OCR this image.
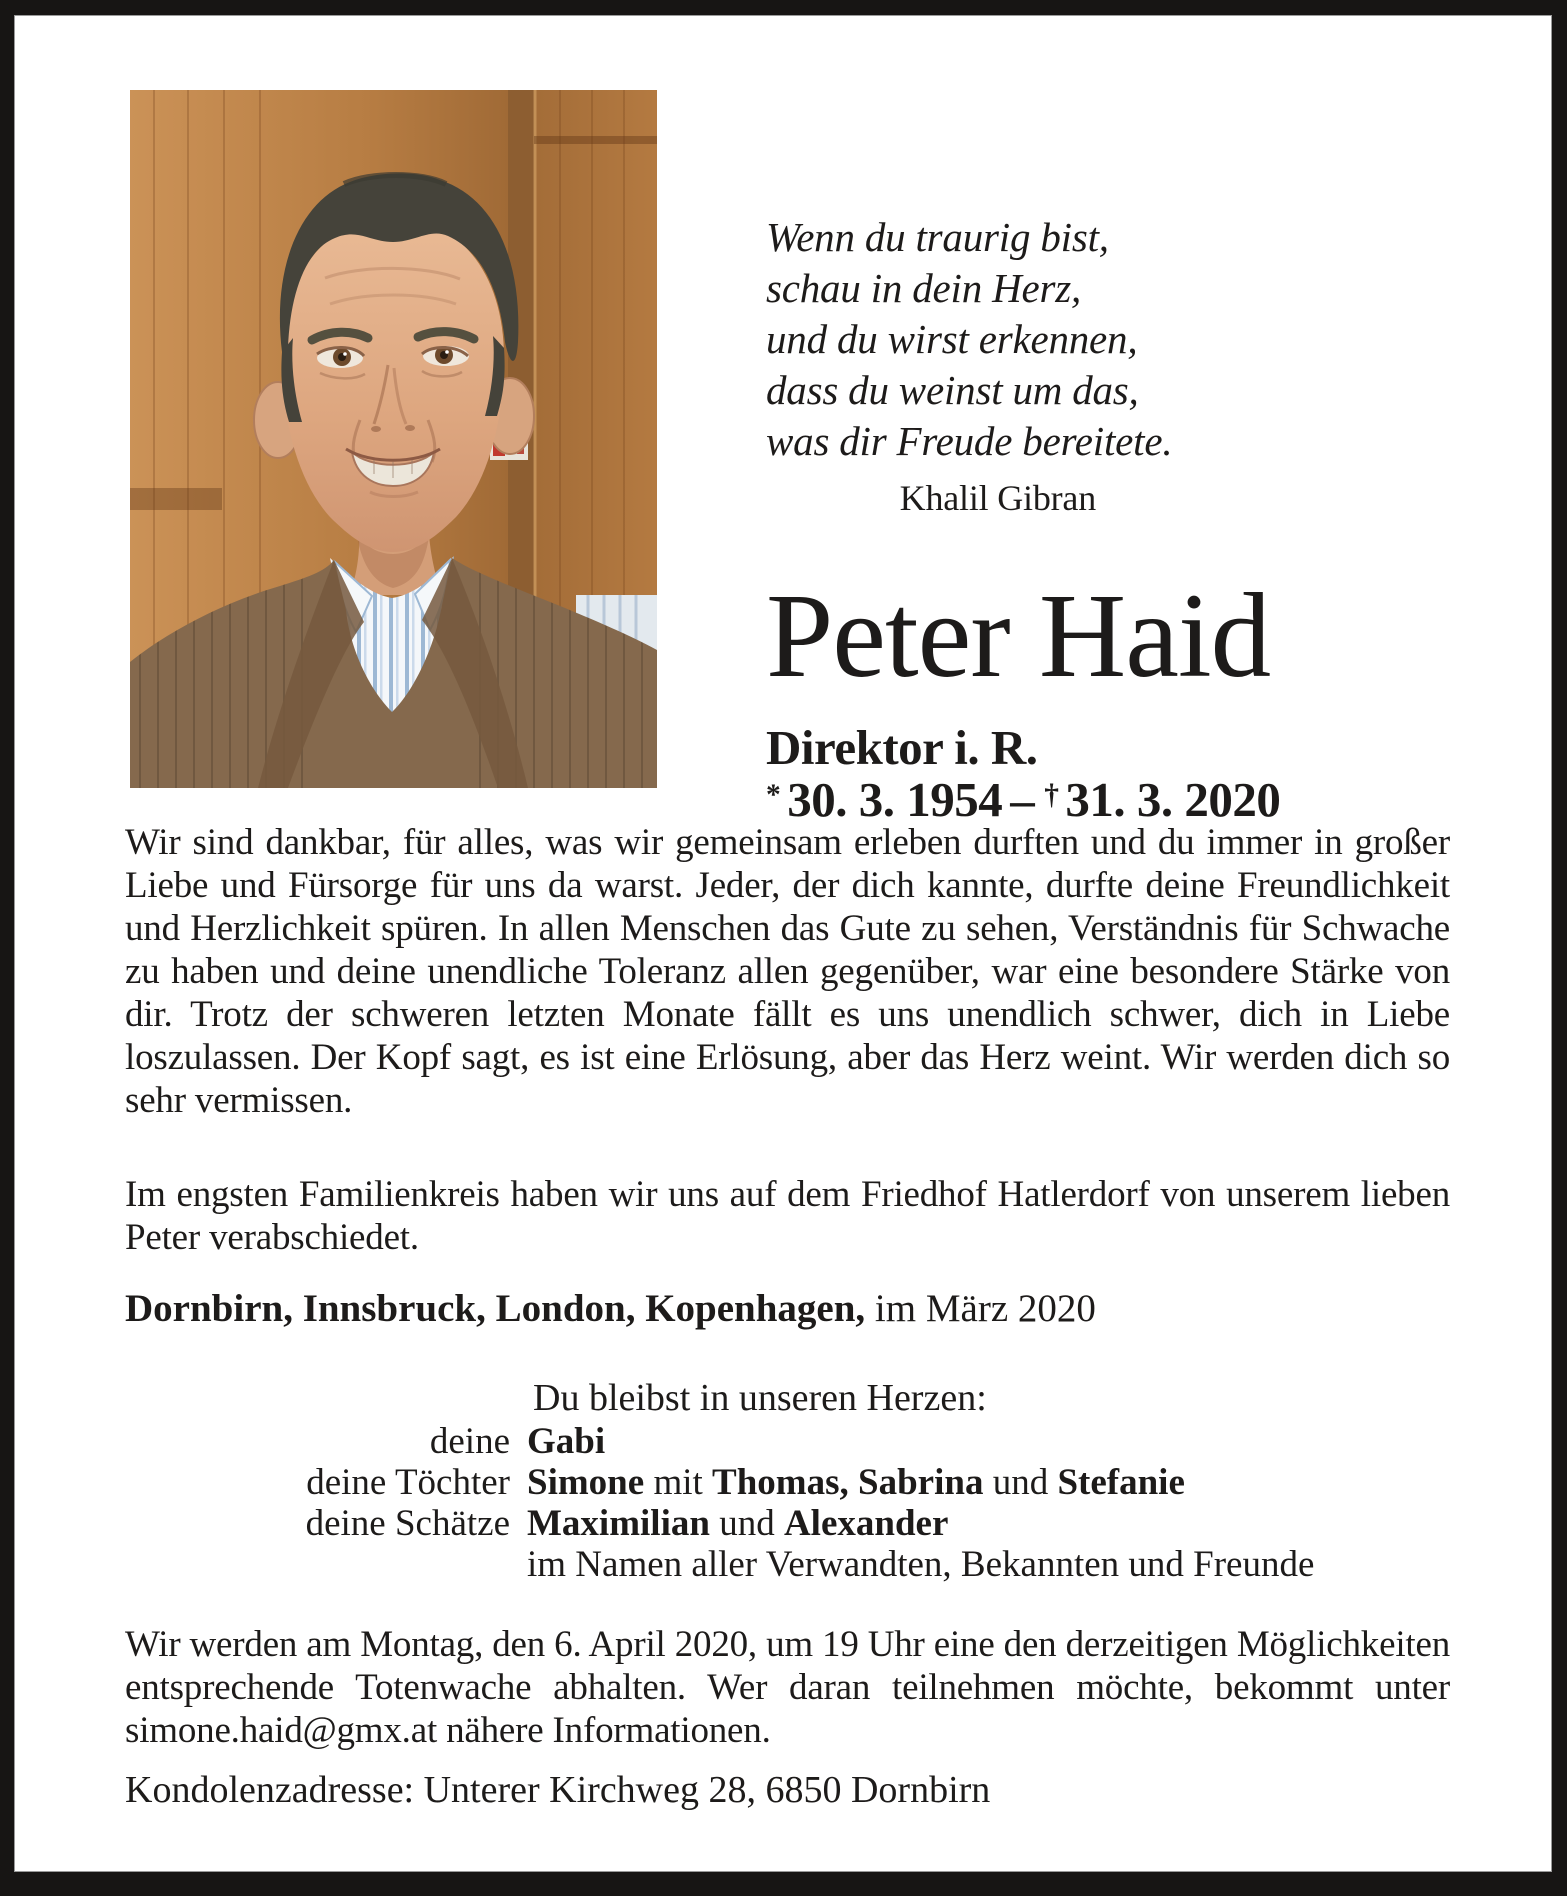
Wenn du traurig bist,
schau in dein Herz,
und du wirst erkennen,
dass du weinst um das,
was dir Freude bereitete.
Khalil Gibran
Peter Haid
Direktor i. R.
* 30. 3. 1954 – † 31. 3. 2020

Wir sind dankbar, für alles, was wir gemeinsam erleben durften und du immer in großer Liebe und Fürsorge für uns da warst. Jeder, der dich kannte, durfte deine Freundlichkeit und Herzlichkeit spüren. In allen Menschen das Gute zu sehen, Verständnis für Schwache zu haben und deine unendliche Toleranz allen gegenüber, war eine besondere Stärke von dir. Trotz der schweren letzten Monate fällt es uns unendlich schwer, dich in Liebe loszulassen. Der Kopf sagt, es ist eine Erlösung, aber das Herz weint. Wir werden dich so sehr vermissen.

Im engsten Familienkreis haben wir uns auf dem Friedhof Hatlerdorf von unserem lieben Peter verabschiedet.

Dornbirn, Innsbruck, London, Kopenhagen, im März 2020

Du bleibst in unseren Herzen:
deine Gabi
deine Töchter Simone mit Thomas, Sabrina und Stefanie
deine Schätze Maximilian und Alexander
im Namen aller Verwandten, Bekannten und Freunde

Wir werden am Montag, den 6. April 2020, um 19 Uhr eine den derzeitigen Möglichkeiten entsprechende Totenwache abhalten. Wer daran teilnehmen möchte, bekommt unter simone.haid@gmx.at nähere Informationen.

Kondolenzadresse: Unterer Kirchweg 28, 6850 Dornbirn
